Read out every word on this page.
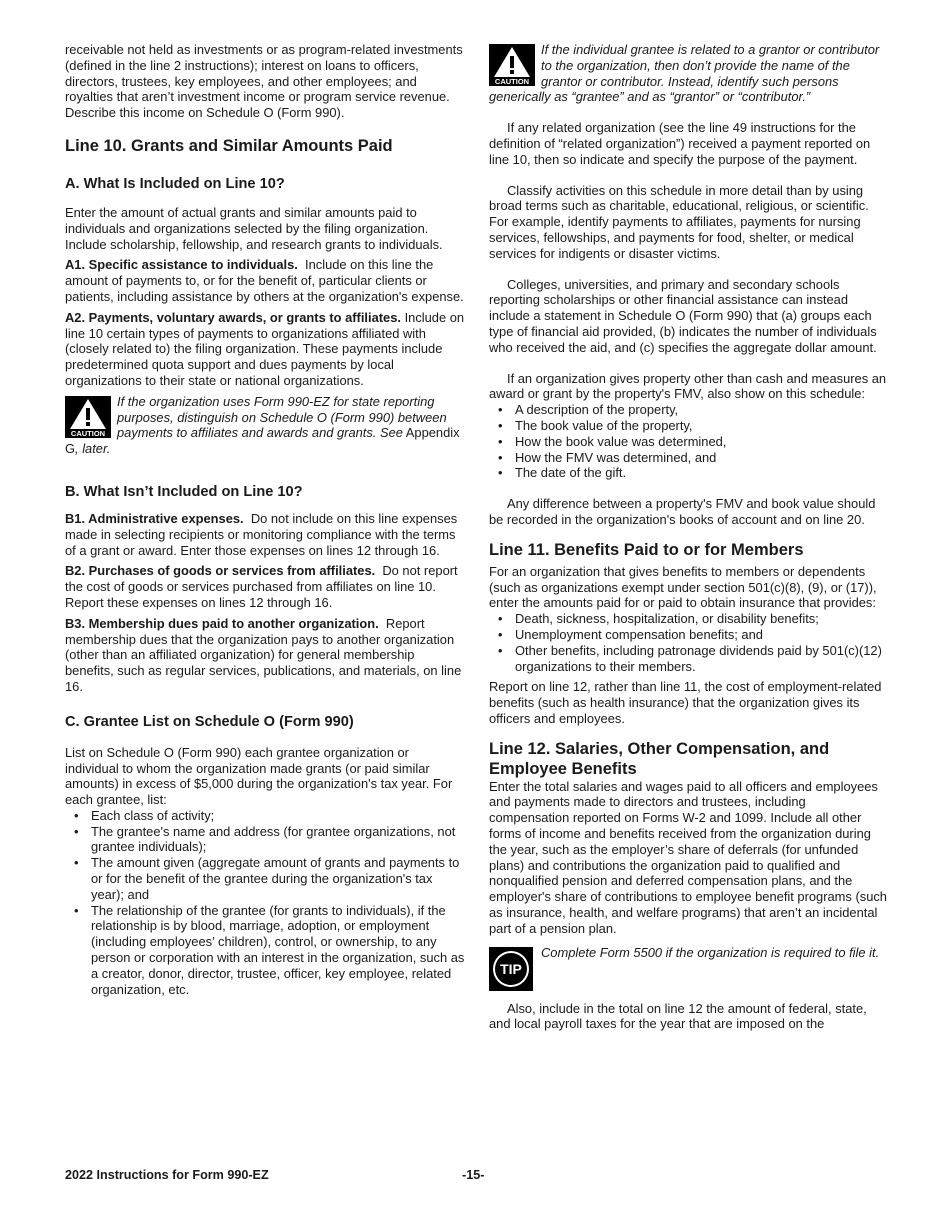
receivable not held as investments or as program-related investments (defined in the line 2 instructions); interest on loans to officers, directors, trustees, key employees, and other employees; and royalties that aren’t investment income or program service revenue. Describe this income on Schedule O (Form 990).

Line 10. Grants and Similar Amounts Paid
A. What Is Included on Line 10?

Enter the amount of actual grants and similar amounts paid to individuals and organizations selected by the filing organization. Include scholarship, fellowship, and research grants to individuals.

A1. Specific assistance to individuals. Include on this line the amount of payments to, or for the benefit of, particular clients or patients, including assistance by others at the organization's expense.

A2. Payments, voluntary awards, or grants to affiliates. Include on line 10 certain types of payments to organizations affiliated with (closely related to) the filing organization. These payments include predetermined quota support and dues payments by local organizations to their state or national organizations.

CAUTION
If the organization uses Form 990-EZ for state reporting purposes, distinguish on Schedule O (Form 990) between payments to affiliates and awards and grants. See Appendix G, later.
B. What Isn’t Included on Line 10?

B1. Administrative expenses. Do not include on this line expenses made in selecting recipients or monitoring compliance with the terms of a grant or award. Enter those expenses on lines 12 through 16.

B2. Purchases of goods or services from affiliates. Do not report the cost of goods or services purchased from affiliates on line 10. Report these expenses on lines 12 through 16.

B3. Membership dues paid to another organization. Report membership dues that the organization pays to another organization (other than an affiliated organization) for general membership benefits, such as regular services, publications, and materials, on line 16.

C. Grantee List on Schedule O (Form 990)

List on Schedule O (Form 990) each grantee organization or individual to whom the organization made grants (or paid similar amounts) in excess of $5,000 during the organization's tax year. For each grantee, list:

• Each class of activity;
• The grantee's name and address (for grantee organizations, not grantee individuals);
• The amount given (aggregate amount of grants and payments to or for the benefit of the grantee during the organization's tax year); and
• The relationship of the grantee (for grants to individuals), if the relationship is by blood, marriage, adoption, or employment (including employees’ children), control, or ownership, to any person or corporation with an interest in the organization, such as a creator, donor, director, trustee, officer, key employee, related organization, etc.
CAUTION
If the individual grantee is related to a grantor or contributor to the organization, then don’t provide the name of the grantor or contributor. Instead, identify such persons generically as “grantee” and as “grantor” or “contributor.”

If any related organization (see the line 49 instructions for the definition of “related organization”) received a payment reported on line 10, then so indicate and specify the purpose of the payment.

Classify activities on this schedule in more detail than by using broad terms such as charitable, educational, religious, or scientific. For example, identify payments to affiliates, payments for nursing services, fellowships, and payments for food, shelter, or medical services for indigents or disaster victims.

Colleges, universities, and primary and secondary schools reporting scholarships or other financial assistance can instead include a statement in Schedule O (Form 990) that (a) groups each type of financial aid provided, (b) indicates the number of individuals who received the aid, and (c) specifies the aggregate dollar amount.

If an organization gives property other than cash and measures an award or grant by the property's FMV, also show on this schedule:

• A description of the property,
• The book value of the property,
• How the book value was determined,
• How the FMV was determined, and
• The date of the gift.

Any difference between a property's FMV and book value should be recorded in the organization's books of account and on line 20.

Line 11. Benefits Paid to or for Members

For an organization that gives benefits to members or dependents (such as organizations exempt under section 501(c)(8), (9), or (17)), enter the amounts paid for or paid to obtain insurance that provides:

• Death, sickness, hospitalization, or disability benefits;
• Unemployment compensation benefits; and
• Other benefits, including patronage dividends paid by 501(c)(12) organizations to their members.

Report on line 12, rather than line 11, the cost of employment-related benefits (such as health insurance) that the organization gives its officers and employees.

Line 12. Salaries, Other Compensation, and Employee Benefits

Enter the total salaries and wages paid to all officers and employees and payments made to directors and trustees, including compensation reported on Forms W-2 and 1099. Include all other forms of income and benefits received from the organization during the year, such as the employer’s share of deferrals (for unfunded plans) and contributions the organization paid to qualified and nonqualified pension and deferred compensation plans, and the employer's share of contributions to employee benefit programs (such as insurance, health, and welfare programs) that aren’t an incidental part of a pension plan.

TIP
Complete Form 5500 if the organization is required to file it.

Also, include in the total on line 12 the amount of federal, state, and local payroll taxes for the year that are imposed on the

2022 Instructions for Form 990-EZ	-15-
